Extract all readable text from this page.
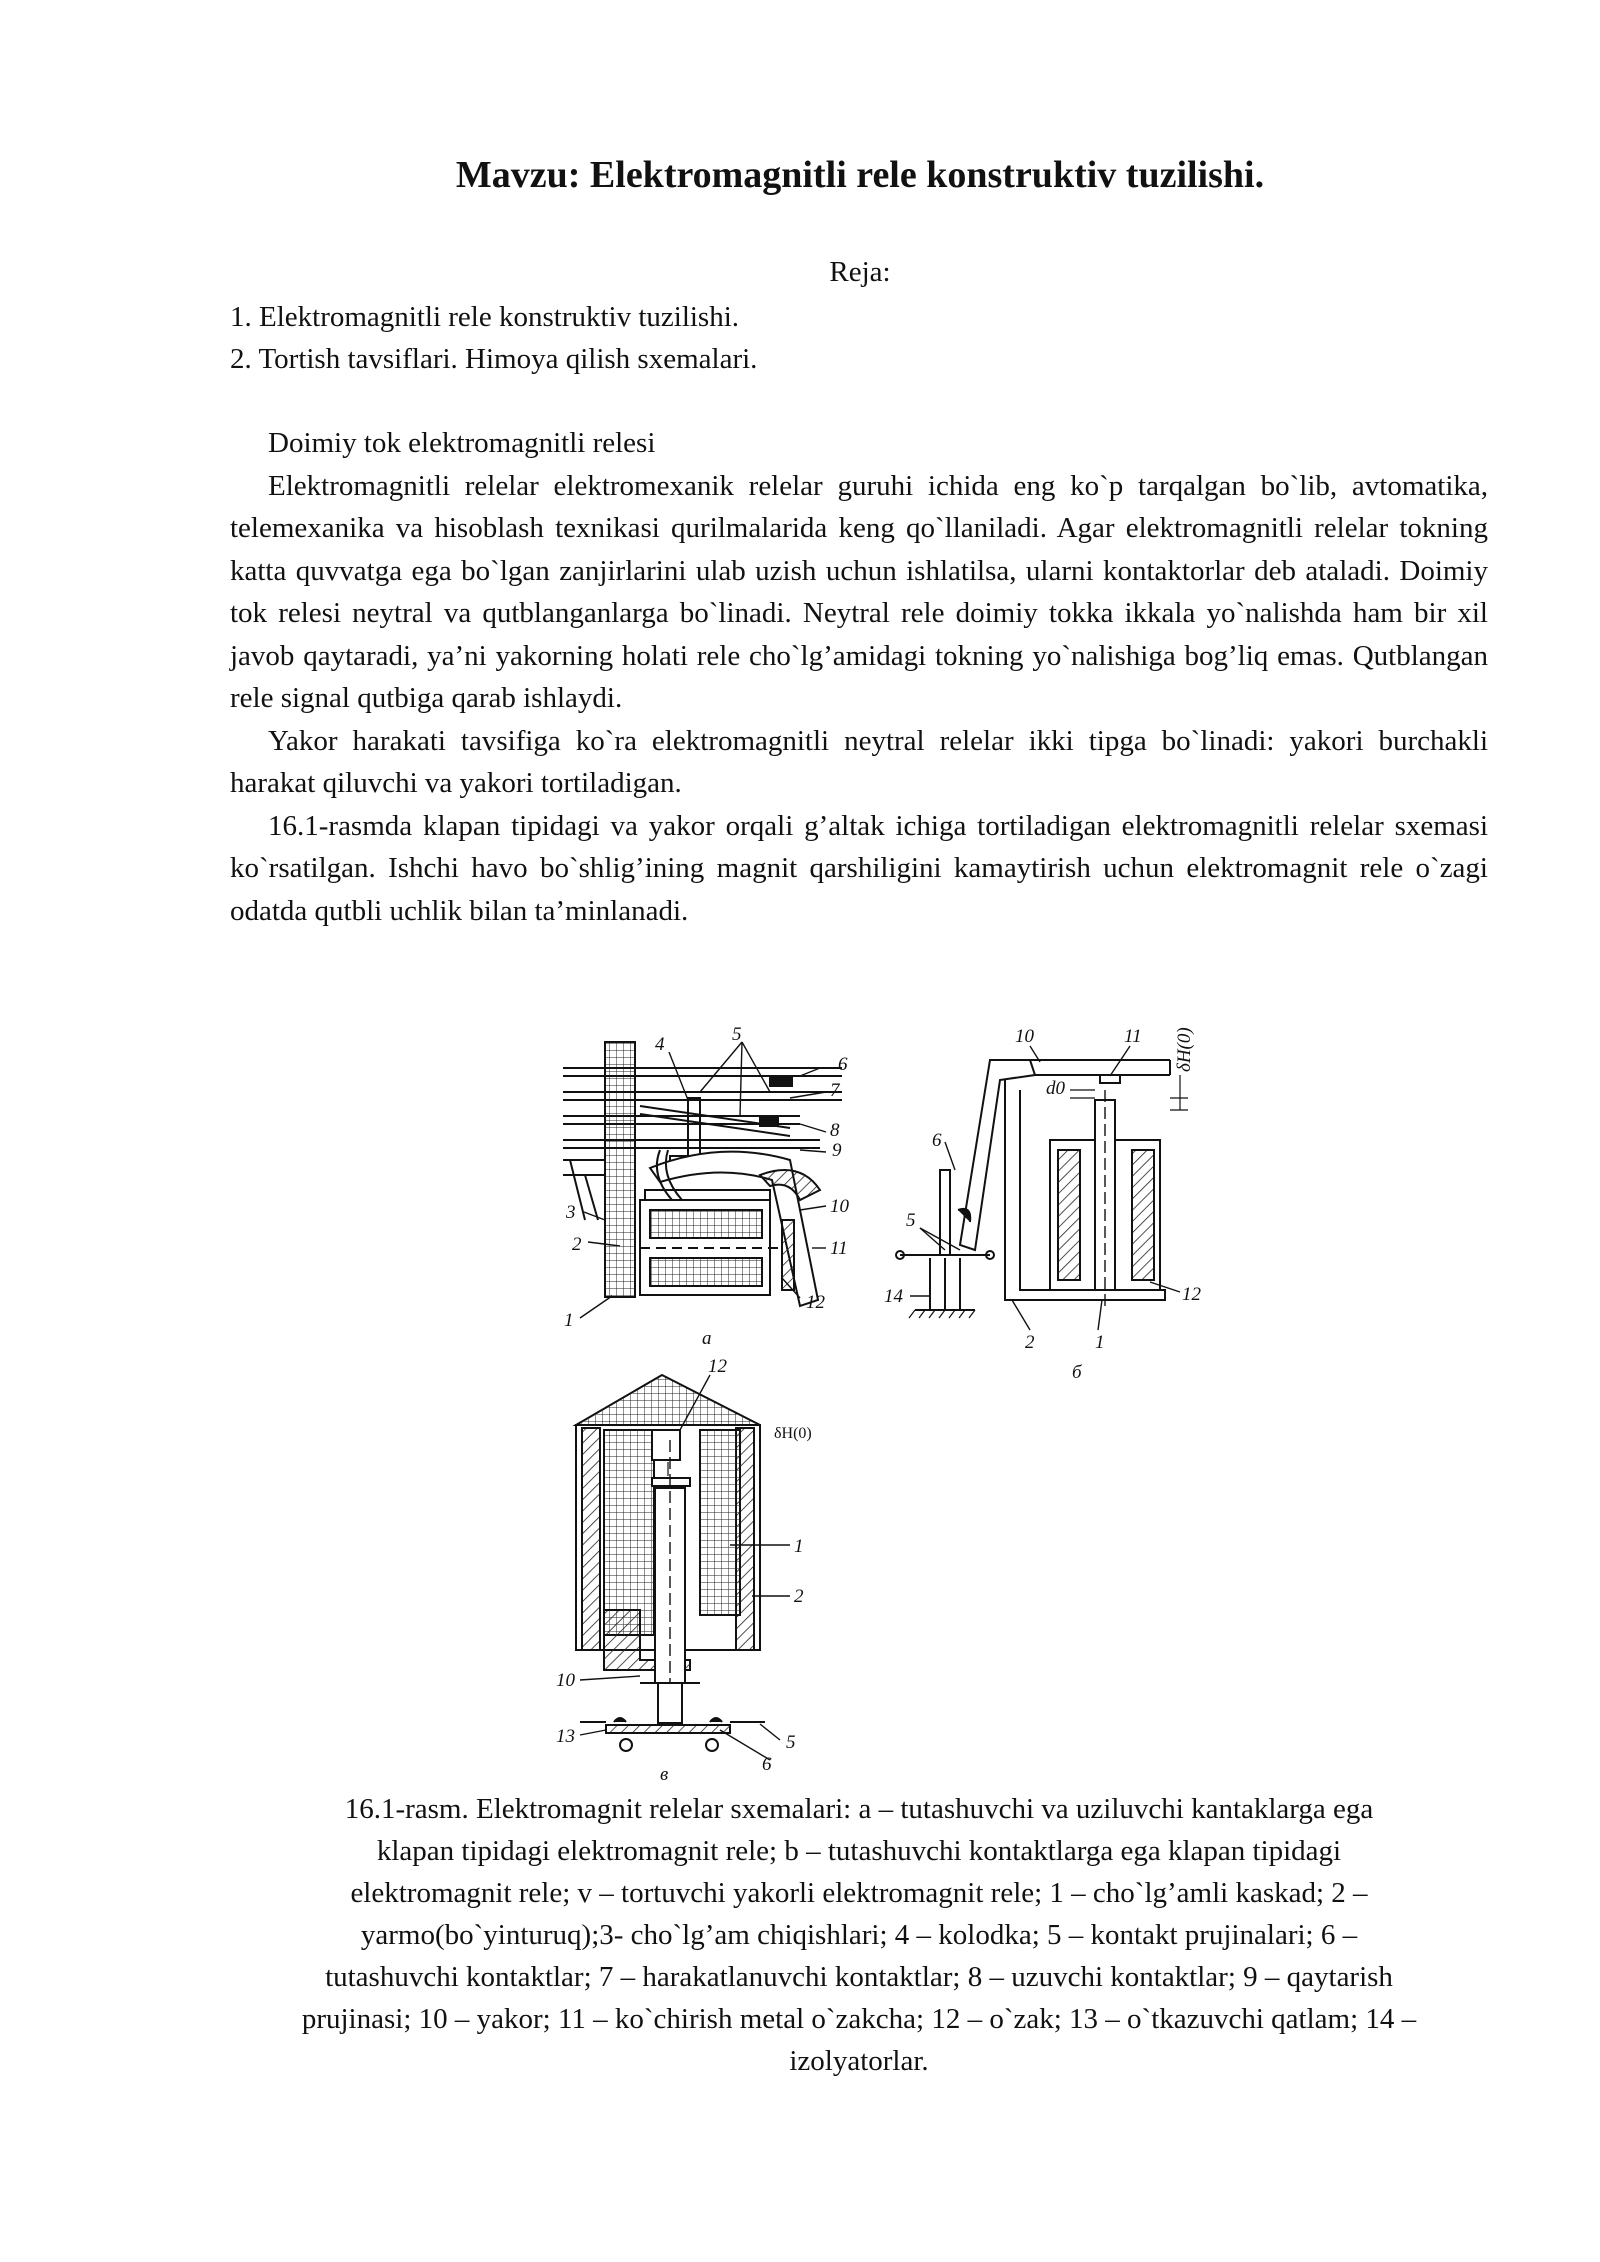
Mavzu: Elektromagnitli rele konstruktiv tuzilishi.
Reja:
1. Elektromagnitli rele konstruktiv tuzilishi.
2. Tortish tavsiflari. Himoya qilish sxemalari.

Doimiy tok elektromagnitli relesi

Elektromagnitli relelar elektromexanik relelar guruhi ichida eng ko`p tarqalgan bo`lib, avtomatika, telemexanika va hisoblash texnikasi qurilmalarida keng qo`llaniladi. Agar elektromagnitli relelar tokning katta quvvatga ega bo`lgan zanjirlarini ulab uzish uchun ishlatilsa, ularni kontaktorlar deb ataladi. Doimiy tok relesi neytral va qutblanganlarga bo`linadi. Neytral rele doimiy tokka ikkala yo`nalishda ham bir xil javob qaytaradi, ya’ni yakorning holati rele cho`lg’amidagi tokning yo`nalishiga bog’liq emas. Qutblangan rele signal qutbiga qarab ishlaydi.

Yakor harakati tavsifiga ko`ra elektromagnitli neytral relelar ikki tipga bo`linadi: yakori burchakli harakat qiluvchi va yakori tortiladigan.

16.1-rasmda klapan tipidagi va yakor orqali g’altak ichiga tortiladigan elektromagnitli relelar sxemasi ko`rsatilgan. Ishchi havo bo`shlig’ining magnit qarshiligini kamaytirish uchun elektromagnit rele o`zagi odatda qutbli uchlik bilan ta’minlanadi.

4	5
6
7
8
9
10
11
12
3
2
1
a
10	11 δН(0)
d0
6
5
14
2	1
12
б
12
δН(0)
1
2
10
13	5
6
в
16.1-rasm. Elektromagnit relelar sxemalari: a – tutashuvchi va uziluvchi kantaklarga ega
klapan tipidagi elektromagnit rele; b – tutashuvchi kontaktlarga ega klapan tipidagi
elektromagnit rele; v – tortuvchi yakorli elektromagnit rele; 1 – cho`lg’amli kaskad; 2 –
yarmo(bo`yinturuq);3- cho`lg’am chiqishlari; 4 – kolodka; 5 – kontakt prujinalari; 6 –
tutashuvchi kontaktlar; 7 – harakatlanuvchi kontaktlar; 8 – uzuvchi kontaktlar; 9 – qaytarish
prujinasi; 10 – yakor; 11 – ko`chirish metal o`zakcha; 12 – o`zak; 13 – o`tkazuvchi qatlam; 14 –
izolyatorlar.
